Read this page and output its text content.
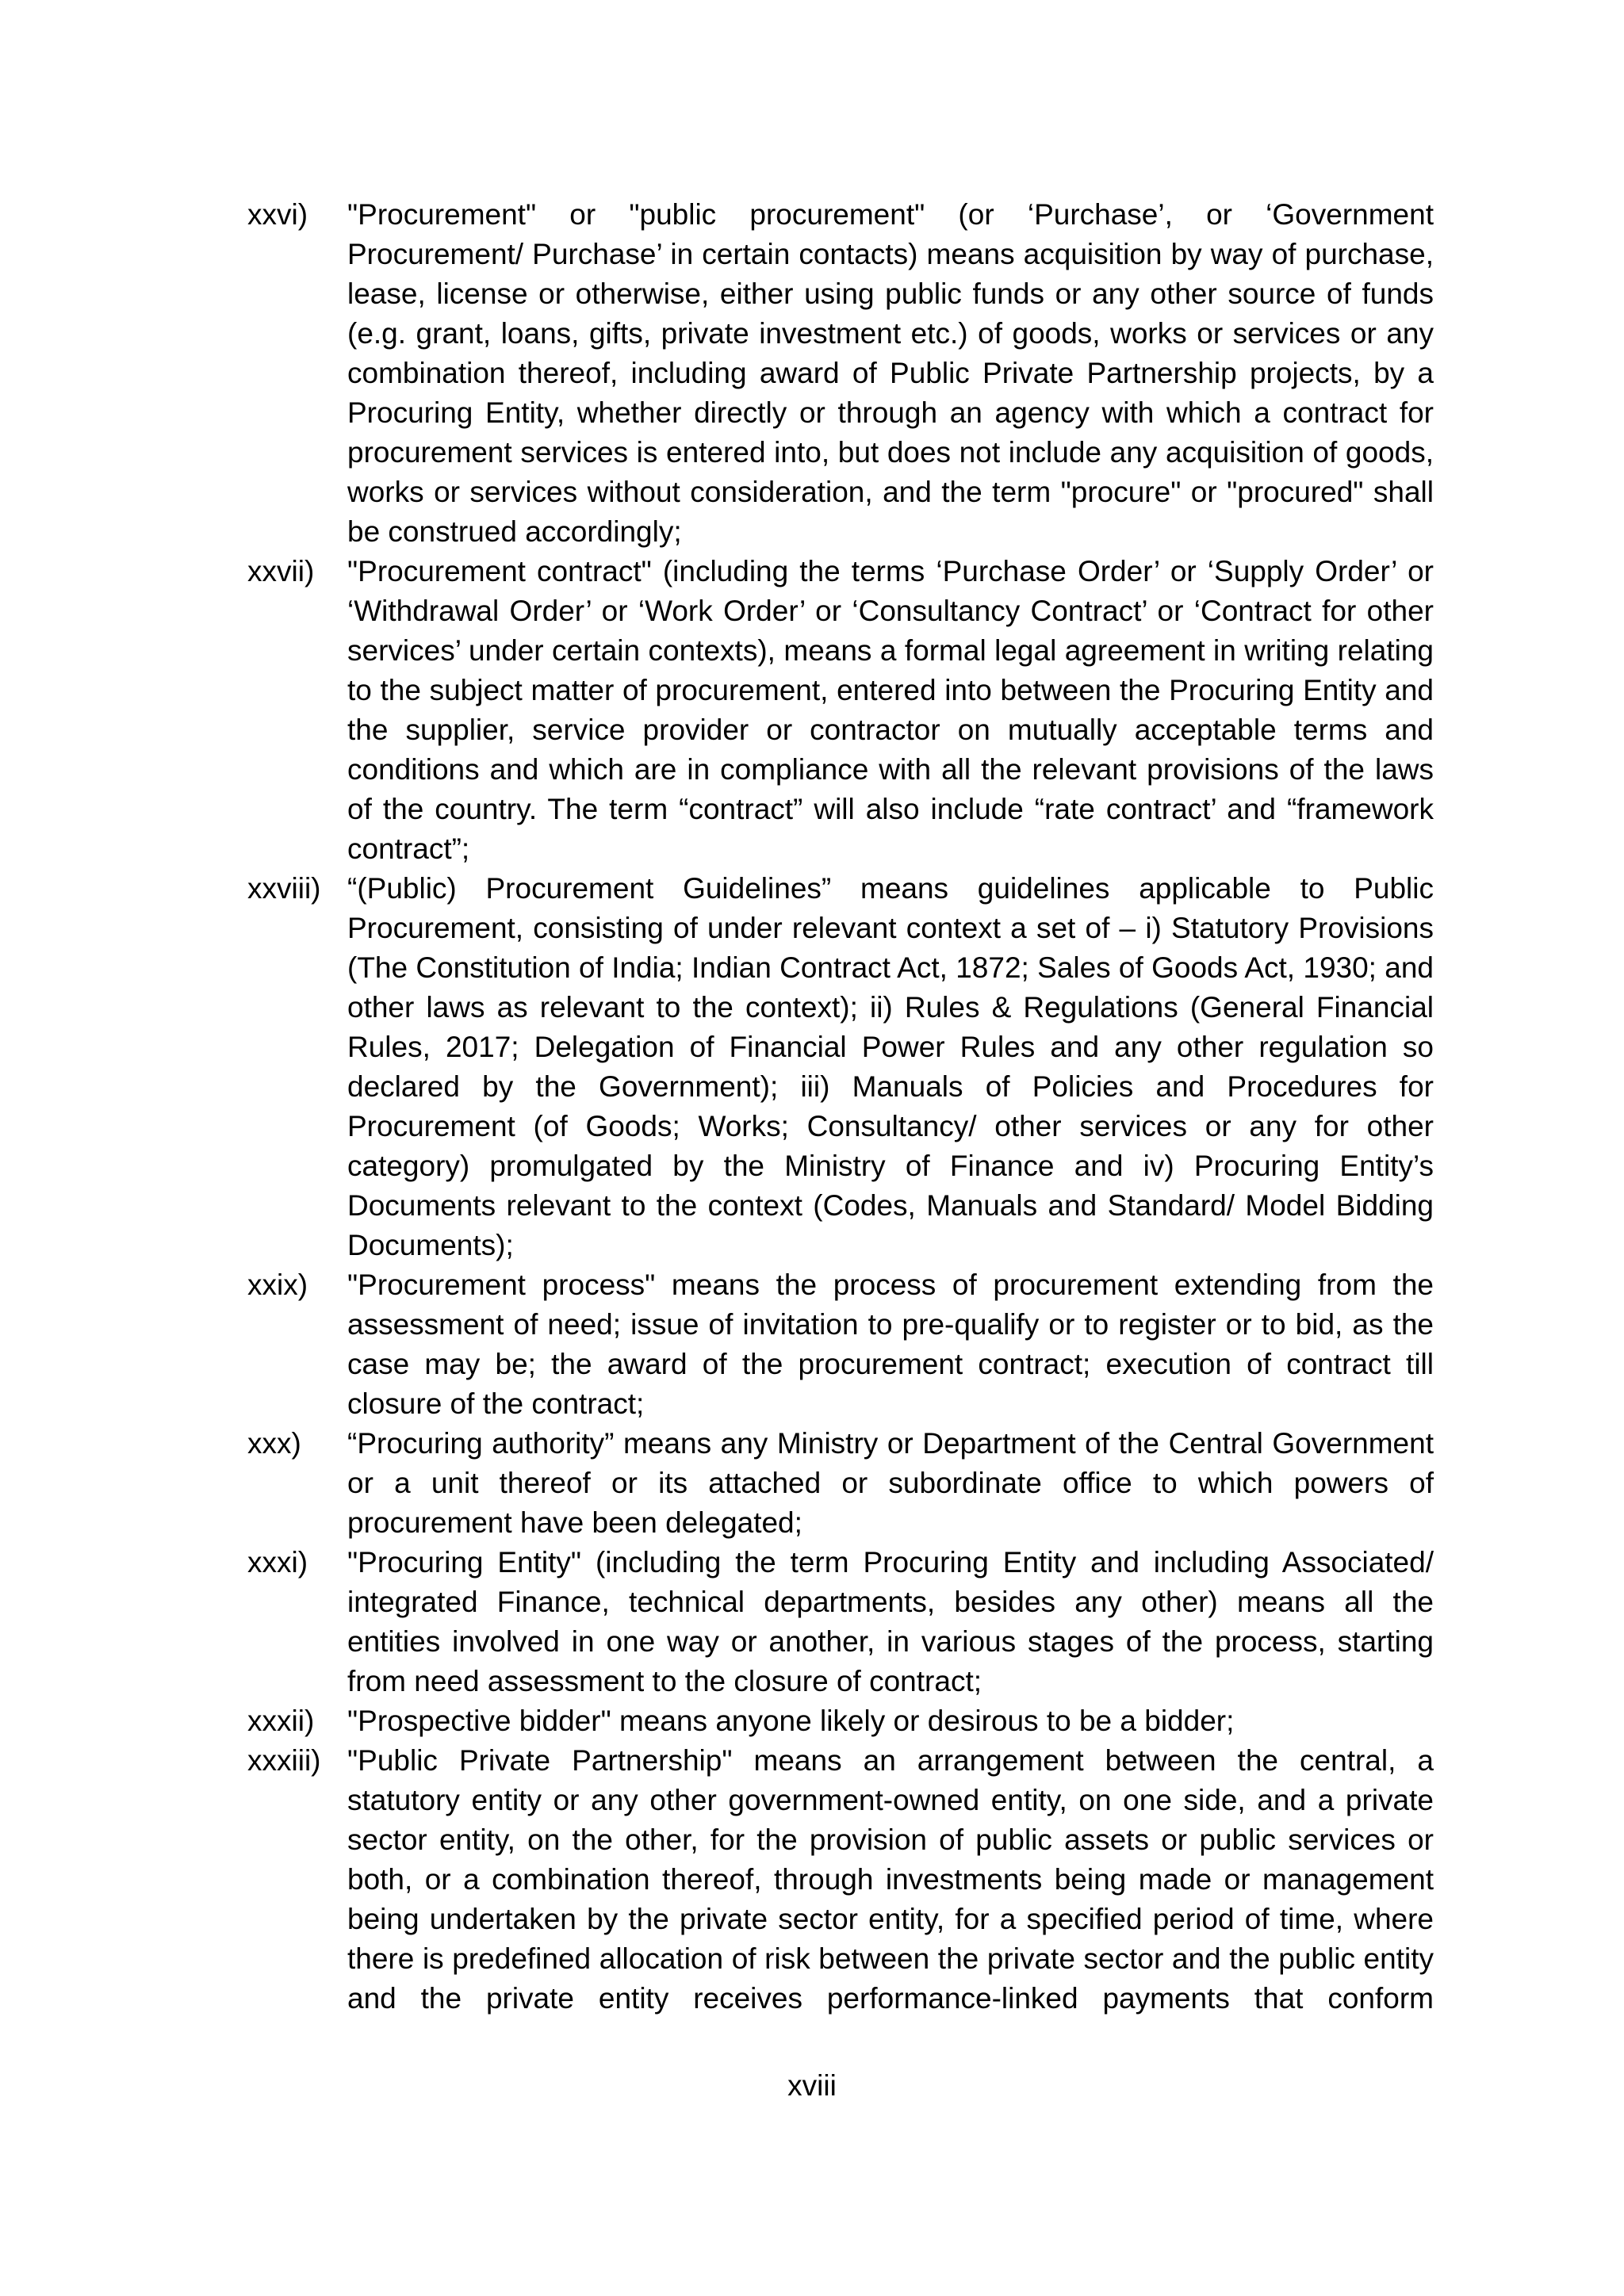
xxvi)	"Procurement" or "public procurement" (or ‘Purchase’, or ‘Government Procurement/ Purchase’ in certain contacts) means acquisition by way of purchase, lease, license or otherwise, either using public funds or any other source of funds (e.g. grant, loans, gifts, private investment etc.) of goods, works or services or any combination thereof, including award of Public Private Partnership projects, by a Procuring Entity, whether directly or through an agency with which a contract for procurement services is entered into, but does not include any acquisition of goods, works or services without consideration, and the term "procure" or "procured" shall be construed accordingly;
xxvii)	"Procurement contract" (including the terms ‘Purchase Order’ or ‘Supply Order’ or ‘Withdrawal Order’ or ‘Work Order’ or ‘Consultancy Contract’ or ‘Contract for other services’ under certain contexts), means a formal legal agreement in writing relating to the subject matter of procurement, entered into between the Procuring Entity and the supplier, service provider or contractor on mutually acceptable terms and conditions and which are in compliance with all the relevant provisions of the laws of the country. The term “contract” will also include “rate contract’ and “framework contract”;
xxviii) “(Public) Procurement Guidelines” means guidelines applicable to Public Procurement, consisting of under relevant context a set of – i) Statutory Provisions (The Constitution of India; Indian Contract Act, 1872; Sales of Goods Act, 1930; and other laws as relevant to the context); ii) Rules & Regulations (General Financial Rules, 2017; Delegation of Financial Power Rules and any other regulation so declared by the Government); iii) Manuals of Policies and Procedures for Procurement (of Goods; Works; Consultancy/ other services or any for other category) promulgated by the Ministry of Finance and iv) Procuring Entity’s Documents relevant to the context (Codes, Manuals and Standard/ Model Bidding Documents);
xxix)	"Procurement process" means the process of procurement extending from the assessment of need; issue of invitation to pre-qualify or to register or to bid, as the case may be; the award of the procurement contract; execution of contract till closure of the contract;
xxx)	“Procuring authority” means any Ministry or Department of the Central Government or a unit thereof or its attached or subordinate office to which powers of procurement have been delegated;
xxxi)	"Procuring Entity" (including the term Procuring Entity and including Associated/ integrated Finance, technical departments, besides any other) means all the entities involved in one way or another, in various stages of the process, starting from need assessment to the closure of contract;
xxxii)	"Prospective bidder" means anyone likely or desirous to be a bidder;
xxxiii) "Public Private Partnership" means an arrangement between the central, a statutory entity or any other government-owned entity, on one side, and a private sector entity, on the other, for the provision of public assets or public services or both, or a combination thereof, through investments being made or management being undertaken by the private sector entity, for a specified period of time, where there is predefined allocation of risk between the private sector and the public entity and the private entity receives performance-linked payments that conform
xviii
